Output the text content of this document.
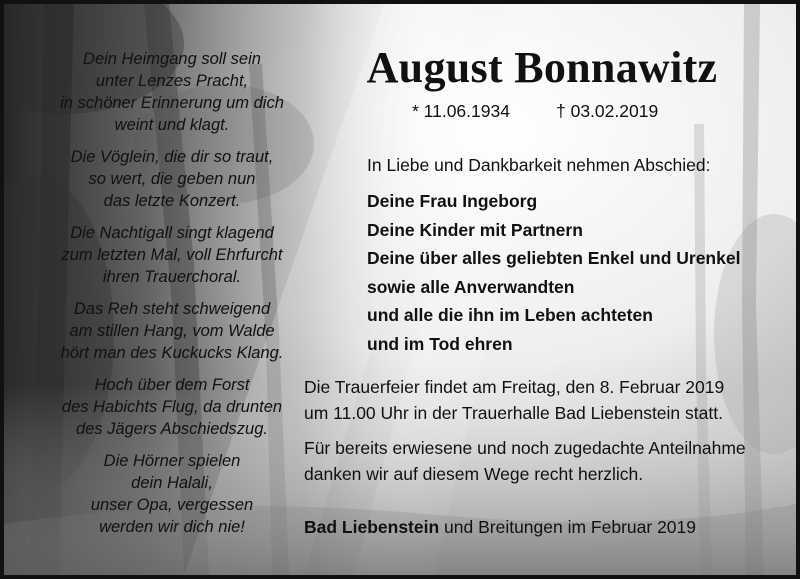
Dein Heimgang soll sein
unter Lenzes Pracht,
in schöner Erinnerung um dich
weint und klagt.
Die Vöglein, die dir so traut,
so wert, die geben nun
das letzte Konzert.
Die Nachtigall singt klagend
zum letzten Mal, voll Ehrfurcht
ihren Trauerchoral.
Das Reh steht schweigend
am stillen Hang, vom Walde
hört man des Kuckucks Klang.
Hoch über dem Forst
des Habichts Flug, da drunten
des Jägers Abschiedszug.
Die Hörner spielen
dein Halali,
unser Opa, vergessen
werden wir dich nie!
August Bonnawitz
* 11.06.1934	† 03.02.2019
In Liebe und Dankbarkeit nehmen Abschied:
Deine Frau Ingeborg
Deine Kinder mit Partnern
Deine über alles geliebten Enkel und Urenkel
sowie alle Anverwandten
und alle die ihn im Leben achteten
und im Tod ehren
Die Trauerfeier findet am Freitag, den 8. Februar 2019
um 11.00 Uhr in der Trauerhalle Bad Liebenstein statt.
Für bereits erwiesene und noch zugedachte Anteilnahme
danken wir auf diesem Wege recht herzlich.
Bad Liebenstein und Breitungen im Februar 2019
